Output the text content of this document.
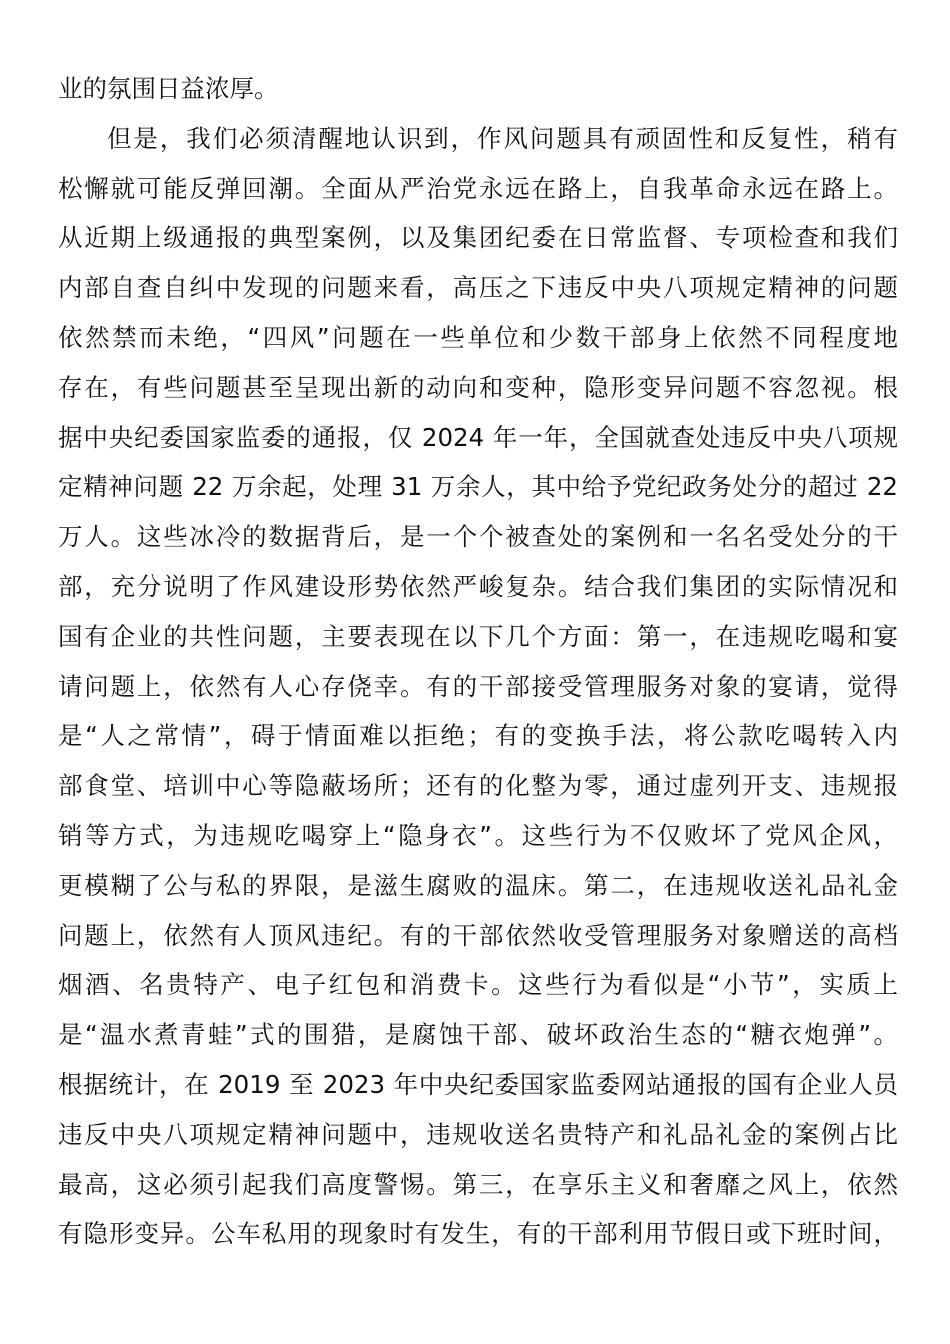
业的氛围日益浓厚。
但是，我们必须清醒地认识到，作风问题具有顽固性和反复性，稍有
松懈就可能反弹回潮。全面从严治党永远在路上，自我革命永远在路上。
从近期上级通报的典型案例，以及集团纪委在日常监督、专项检查和我们
内部自查自纠中发现的问题来看，高压之下违反中央八项规定精神的问题
依然禁而未绝，“四风”问题在一些单位和少数干部身上依然不同程度地
存在，有些问题甚至呈现出新的动向和变种，隐形变异问题不容忽视。根
据中央纪委国家监委的通报，仅 2024 年一年，全国就查处违反中央八项规
定精神问题 22 万余起，处理 31 万余人，其中给予党纪政务处分的超过 22
万人。这些冰冷的数据背后，是一个个被查处的案例和一名名受处分的干
部，充分说明了作风建设形势依然严峻复杂。结合我们集团的实际情况和
国有企业的共性问题，主要表现在以下几个方面：第一，在违规吃喝和宴
请问题上，依然有人心存侥幸。有的干部接受管理服务对象的宴请，觉得
是“人之常情”，碍于情面难以拒绝；有的变换手法，将公款吃喝转入内
部食堂、培训中心等隐蔽场所；还有的化整为零，通过虚列开支、违规报
销等方式，为违规吃喝穿上“隐身衣”。这些行为不仅败坏了党风企风，
更模糊了公与私的界限，是滋生腐败的温床。第二，在违规收送礼品礼金
问题上，依然有人顶风违纪。有的干部依然收受管理服务对象赠送的高档
烟酒、名贵特产、电子红包和消费卡。这些行为看似是“小节”，实质上
是“温水煮青蛙”式的围猎，是腐蚀干部、破坏政治生态的“糖衣炮弹”。
根据统计，在 2019 至 2023 年中央纪委国家监委网站通报的国有企业人员
违反中央八项规定精神问题中，违规收送名贵特产和礼品礼金的案例占比
最高，这必须引起我们高度警惕。第三，在享乐主义和奢靡之风上，依然
有隐形变异。公车私用的现象时有发生，有的干部利用节假日或下班时间，
